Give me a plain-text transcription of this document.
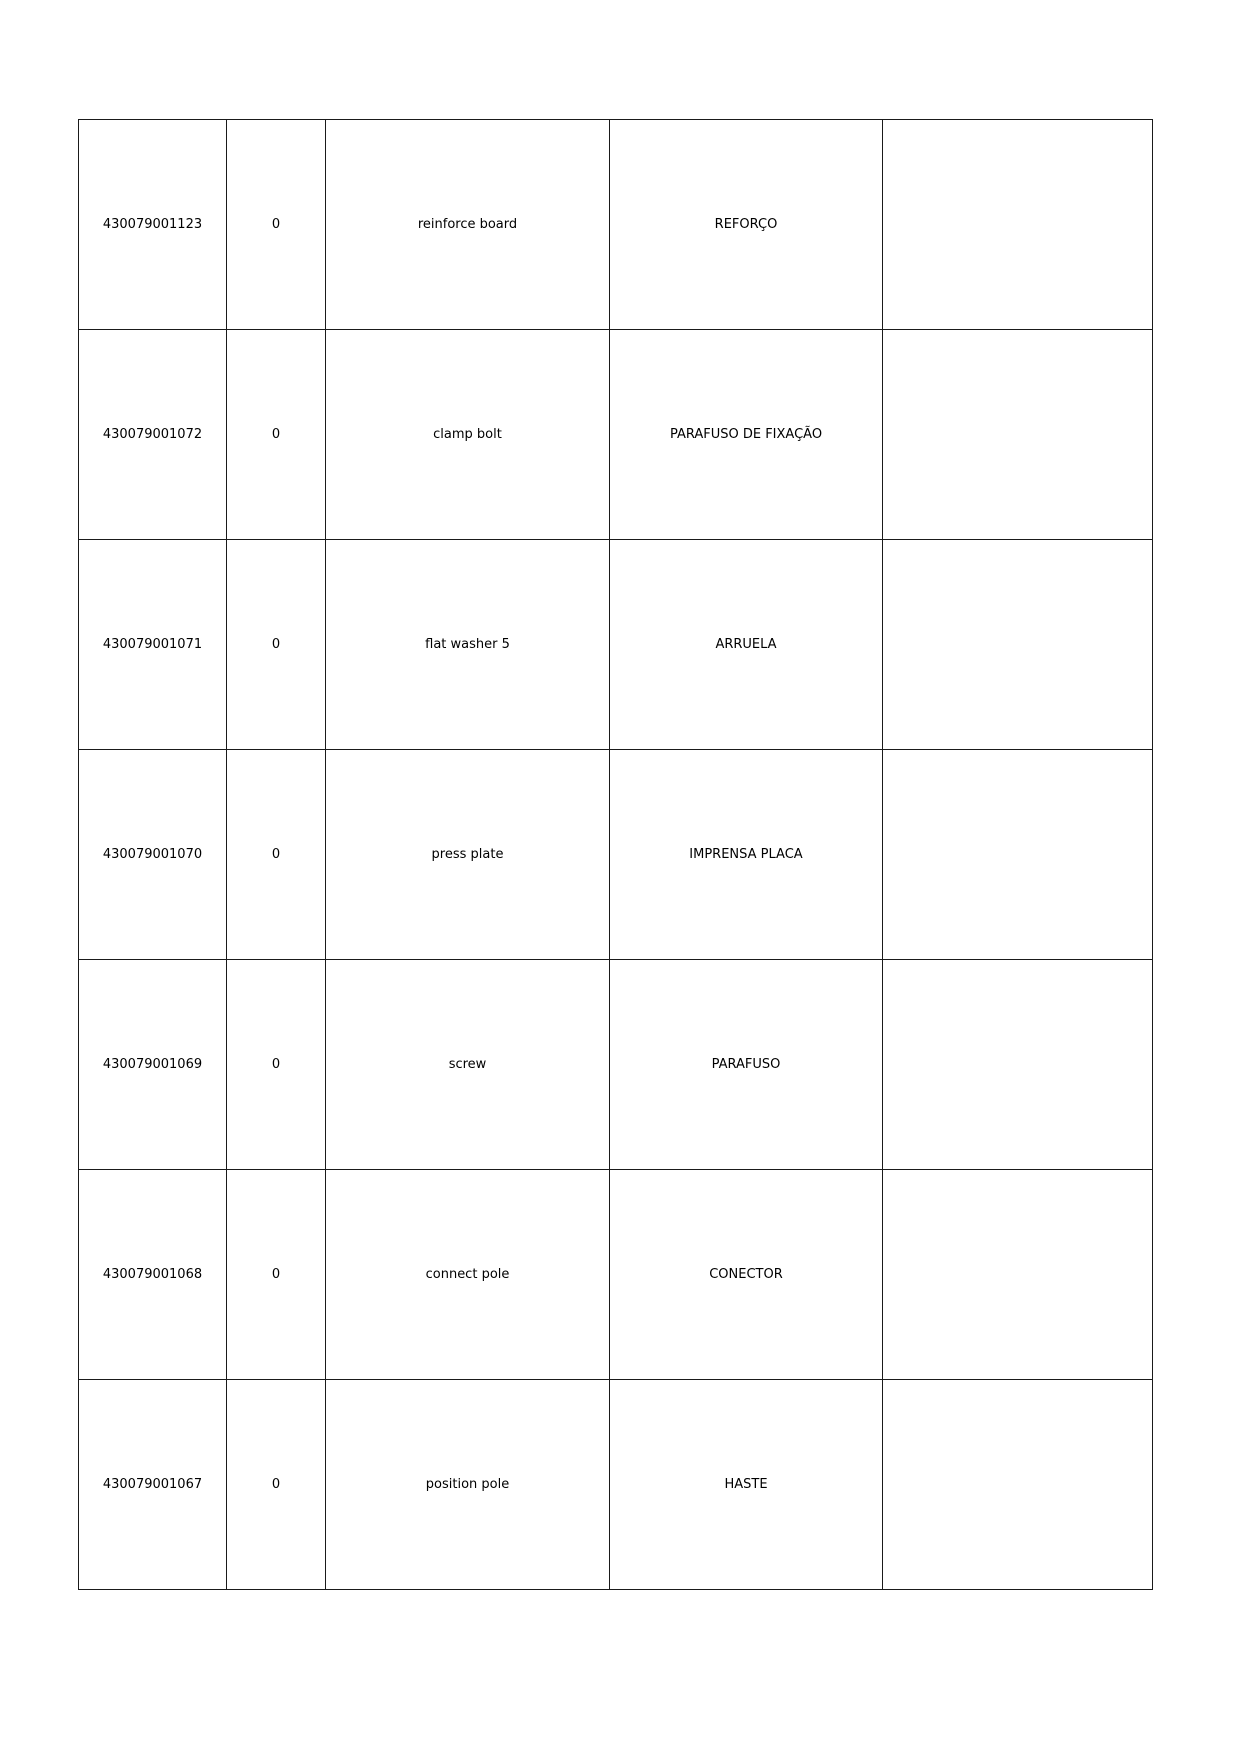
430079001123	0	reinforce board	REFORÇO	
430079001072	0	clamp bolt	PARAFUSO DE FIXAÇÃO	
430079001071	0	flat washer 5	ARRUELA	
430079001070	0	press plate	IMPRENSA PLACA	
430079001069	0	screw	PARAFUSO	
430079001068	0	connect pole	CONECTOR	
430079001067	0	position pole	HASTE	
